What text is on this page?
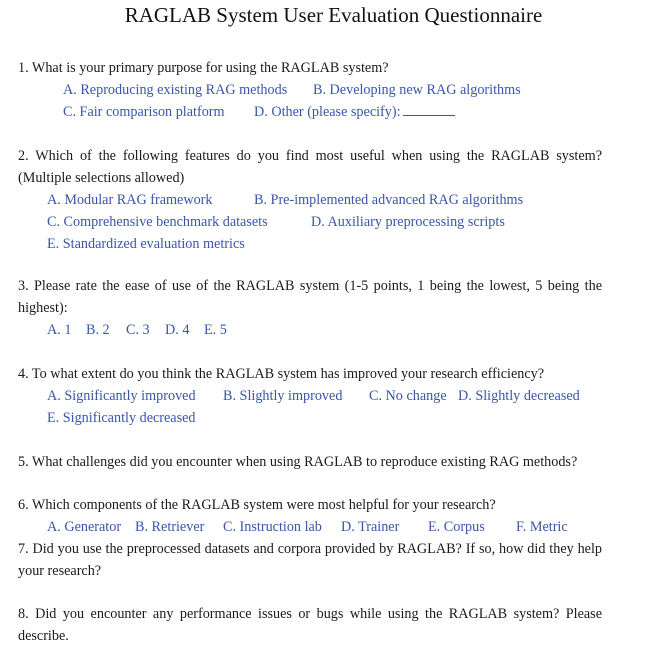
RAGLAB System User Evaluation Questionnaire
1. What is your primary purpose for using the RAGLAB system?
A. Reproducing existing RAG methods B. Developing new RAG algorithms
C. Fair comparison platform D. Other (please specify):
2. Which of the following features do you find most useful when using the RAGLAB system? (Multiple selections allowed)
A. Modular RAG framework	B. Pre-implemented advanced RAG algorithms
C. Comprehensive benchmark datasets	D. Auxiliary preprocessing scripts
E. Standardized evaluation metrics
3. Please rate the ease of use of the RAGLAB system (1-5 points, 1 being the lowest, 5 being the highest):
A. 1 B. 2 C. 3 D. 4 E. 5
4. To what extent do you think the RAGLAB system has improved your research efficiency?
A. Significantly improved B. Slightly improved C. No change D. Slightly decreased
E. Significantly decreased
5. What challenges did you encounter when using RAGLAB to reproduce existing RAG methods?
6. Which components of the RAGLAB system were most helpful for your research?
A. Generator B. Retriever C. Instruction lab D. Trainer E. Corpus F. Metric
7. Did you use the preprocessed datasets and corpora provided by RAGLAB? If so, how did they help your research?
8. Did you encounter any performance issues or bugs while using the RAGLAB system? Please describe.
